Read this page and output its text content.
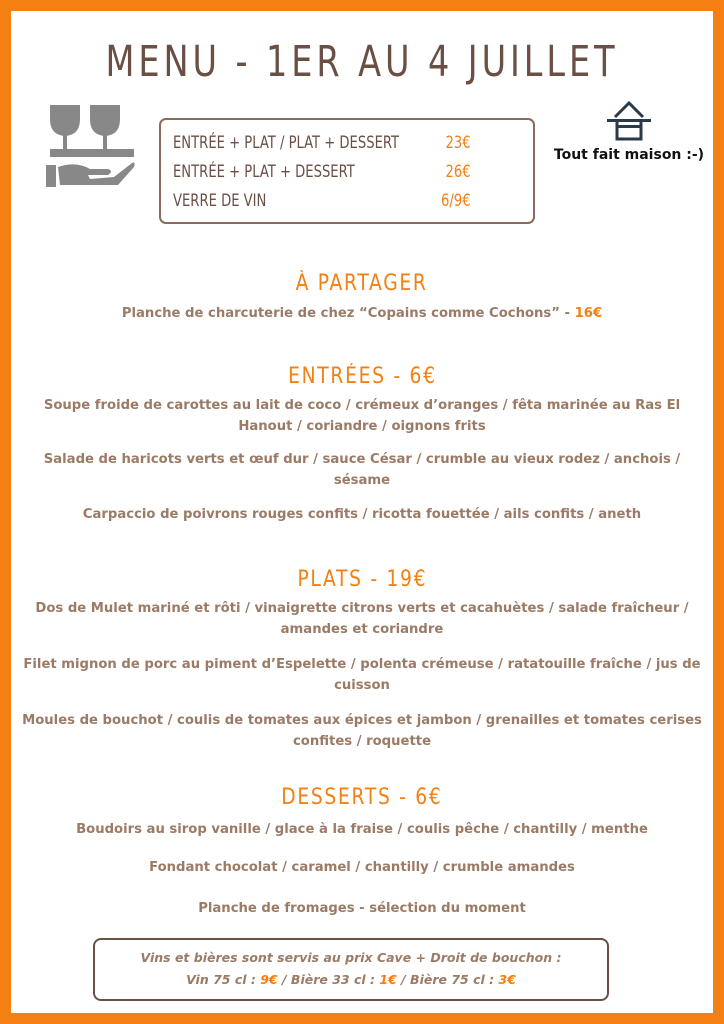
MENU - 1ER AU 4 JUILLET
ENTRÉE + PLAT / PLAT + DESSERT	23€
ENTRÉE + PLAT + DESSERT	26€
VERRE DE VIN	6/9€
Tout fait maison :-)
À PARTAGER
Planche de charcuterie de chez “Copains comme Cochons” - 16€
ENTRÉES - 6€
Soupe froide de carottes au lait de coco / crémeux d’oranges / fêta marinée au Ras El Hanout / coriandre / oignons frits
Salade de haricots verts et œuf dur / sauce César / crumble au vieux rodez / anchois / sésame
Carpaccio de poivrons rouges confits / ricotta fouettée / ails confits / aneth
PLATS - 19€
Dos de Mulet mariné et rôti / vinaigrette citrons verts et cacahuètes / salade fraîcheur / amandes et coriandre
Filet mignon de porc au piment d’Espelette / polenta crémeuse / ratatouille fraîche / jus de cuisson
Moules de bouchot / coulis de tomates aux épices et jambon / grenailles et tomates cerises confites / roquette
DESSERTS - 6€
Boudoirs au sirop vanille / glace à la fraise / coulis pêche / chantilly / menthe
Fondant chocolat / caramel / chantilly / crumble amandes
Planche de fromages - sélection du moment
Vins et bières sont servis au prix Cave + Droit de bouchon :
Vin 75 cl : 9€ / Bière 33 cl : 1€ / Bière 75 cl : 3€
